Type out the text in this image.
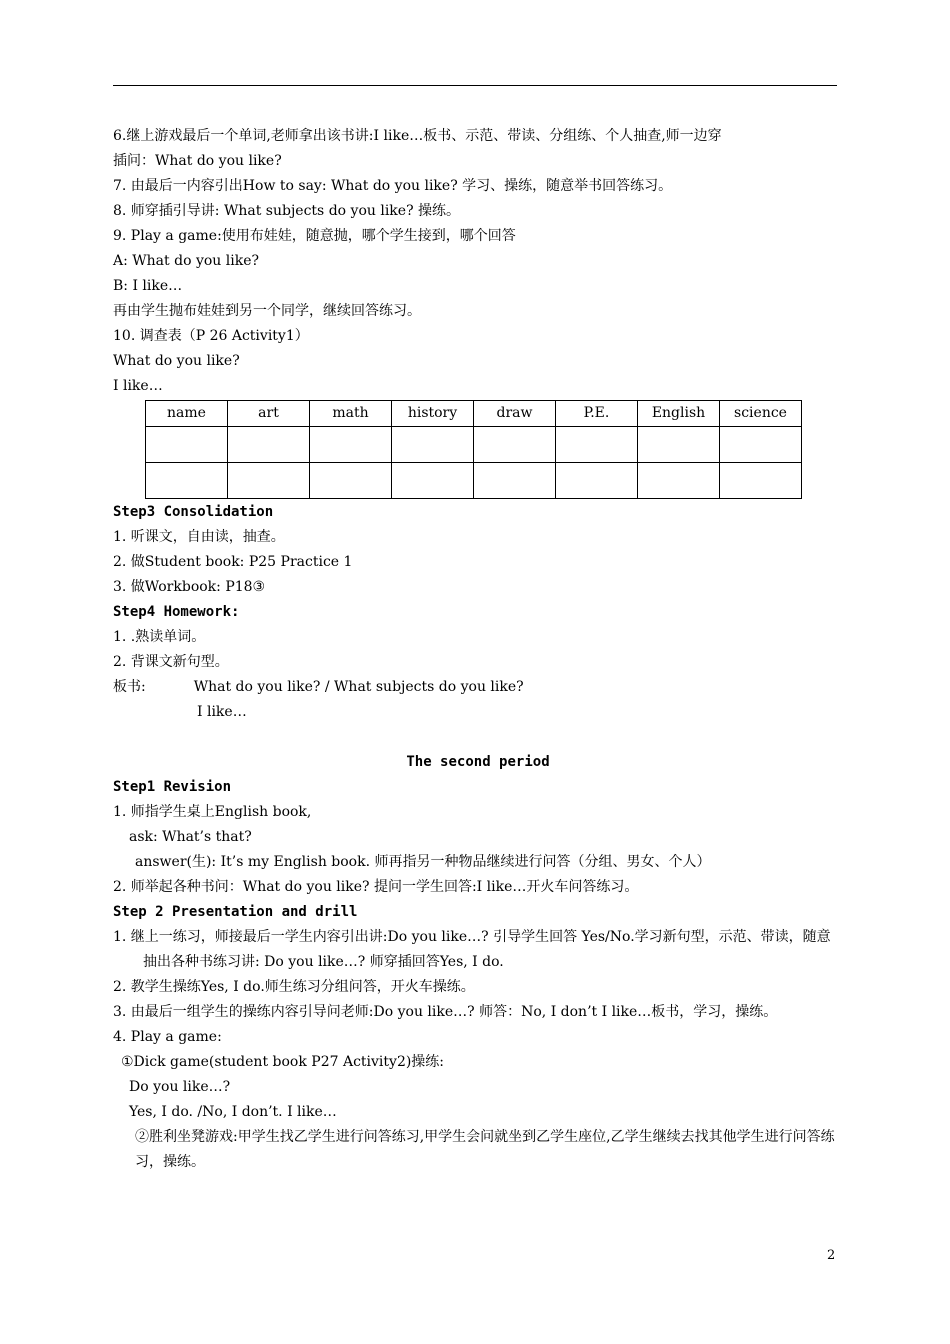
6.继上游戏最后一个单词,老师拿出该书讲:I like…板书、示范、带读、分组练、个人抽查,师一边穿
插问：What do you like?
7. 由最后一内容引出How to say: What do you like? 学习、操练，随意举书回答练习。
8. 师穿插引导讲: What subjects do you like? 操练。
9. Play a game:使用布娃娃，随意抛，哪个学生接到，哪个回答
A: What do you like?
B: I like…
再由学生抛布娃娃到另一个同学，继续回答练习。
10. 调查表（P 26 Activity1）
What do you like?
I like…
name	art	math	history	draw	P.E.	English	science

Step3 Consolidation
1. 听课文，自由读，抽查。
2. 做Student book: P25 Practice 1
3. 做Workbook: P18③
Step4 Homework:
1. .熟读单词。
2. 背课文新句型。
板书:	What do you like? / What subjects do you like?
I like…
The second period
Step1 Revision
1. 师指学生桌上English book,
ask: What’s that?
answer(生): It’s my English book. 师再指另一种物品继续进行问答（分组、男女、个人）
2. 师举起各种书问：What do you like? 提问一学生回答:I like…开火车问答练习。
Step 2 Presentation and drill
1. 继上一练习，师接最后一学生内容引出讲:Do you like…? 引导学生回答 Yes/No.学习新句型，示范、带读，随意抽出各种书练习讲: Do you like…? 师穿插回答Yes, I do.
2. 教学生操练Yes, I do.师生练习分组问答，开火车操练。
3. 由最后一组学生的操练内容引导问老师:Do you like…? 师答：No, I don’t I like…板书，学习，操练。
4. Play a game:
①Dick game(student book P27 Activity2)操练:
Do you like…?
Yes, I do. /No, I don’t. I like…
②胜利坐凳游戏:甲学生找乙学生进行问答练习,甲学生会问就坐到乙学生座位,乙学生继续去找其他学生进行问答练习，操练。
2
